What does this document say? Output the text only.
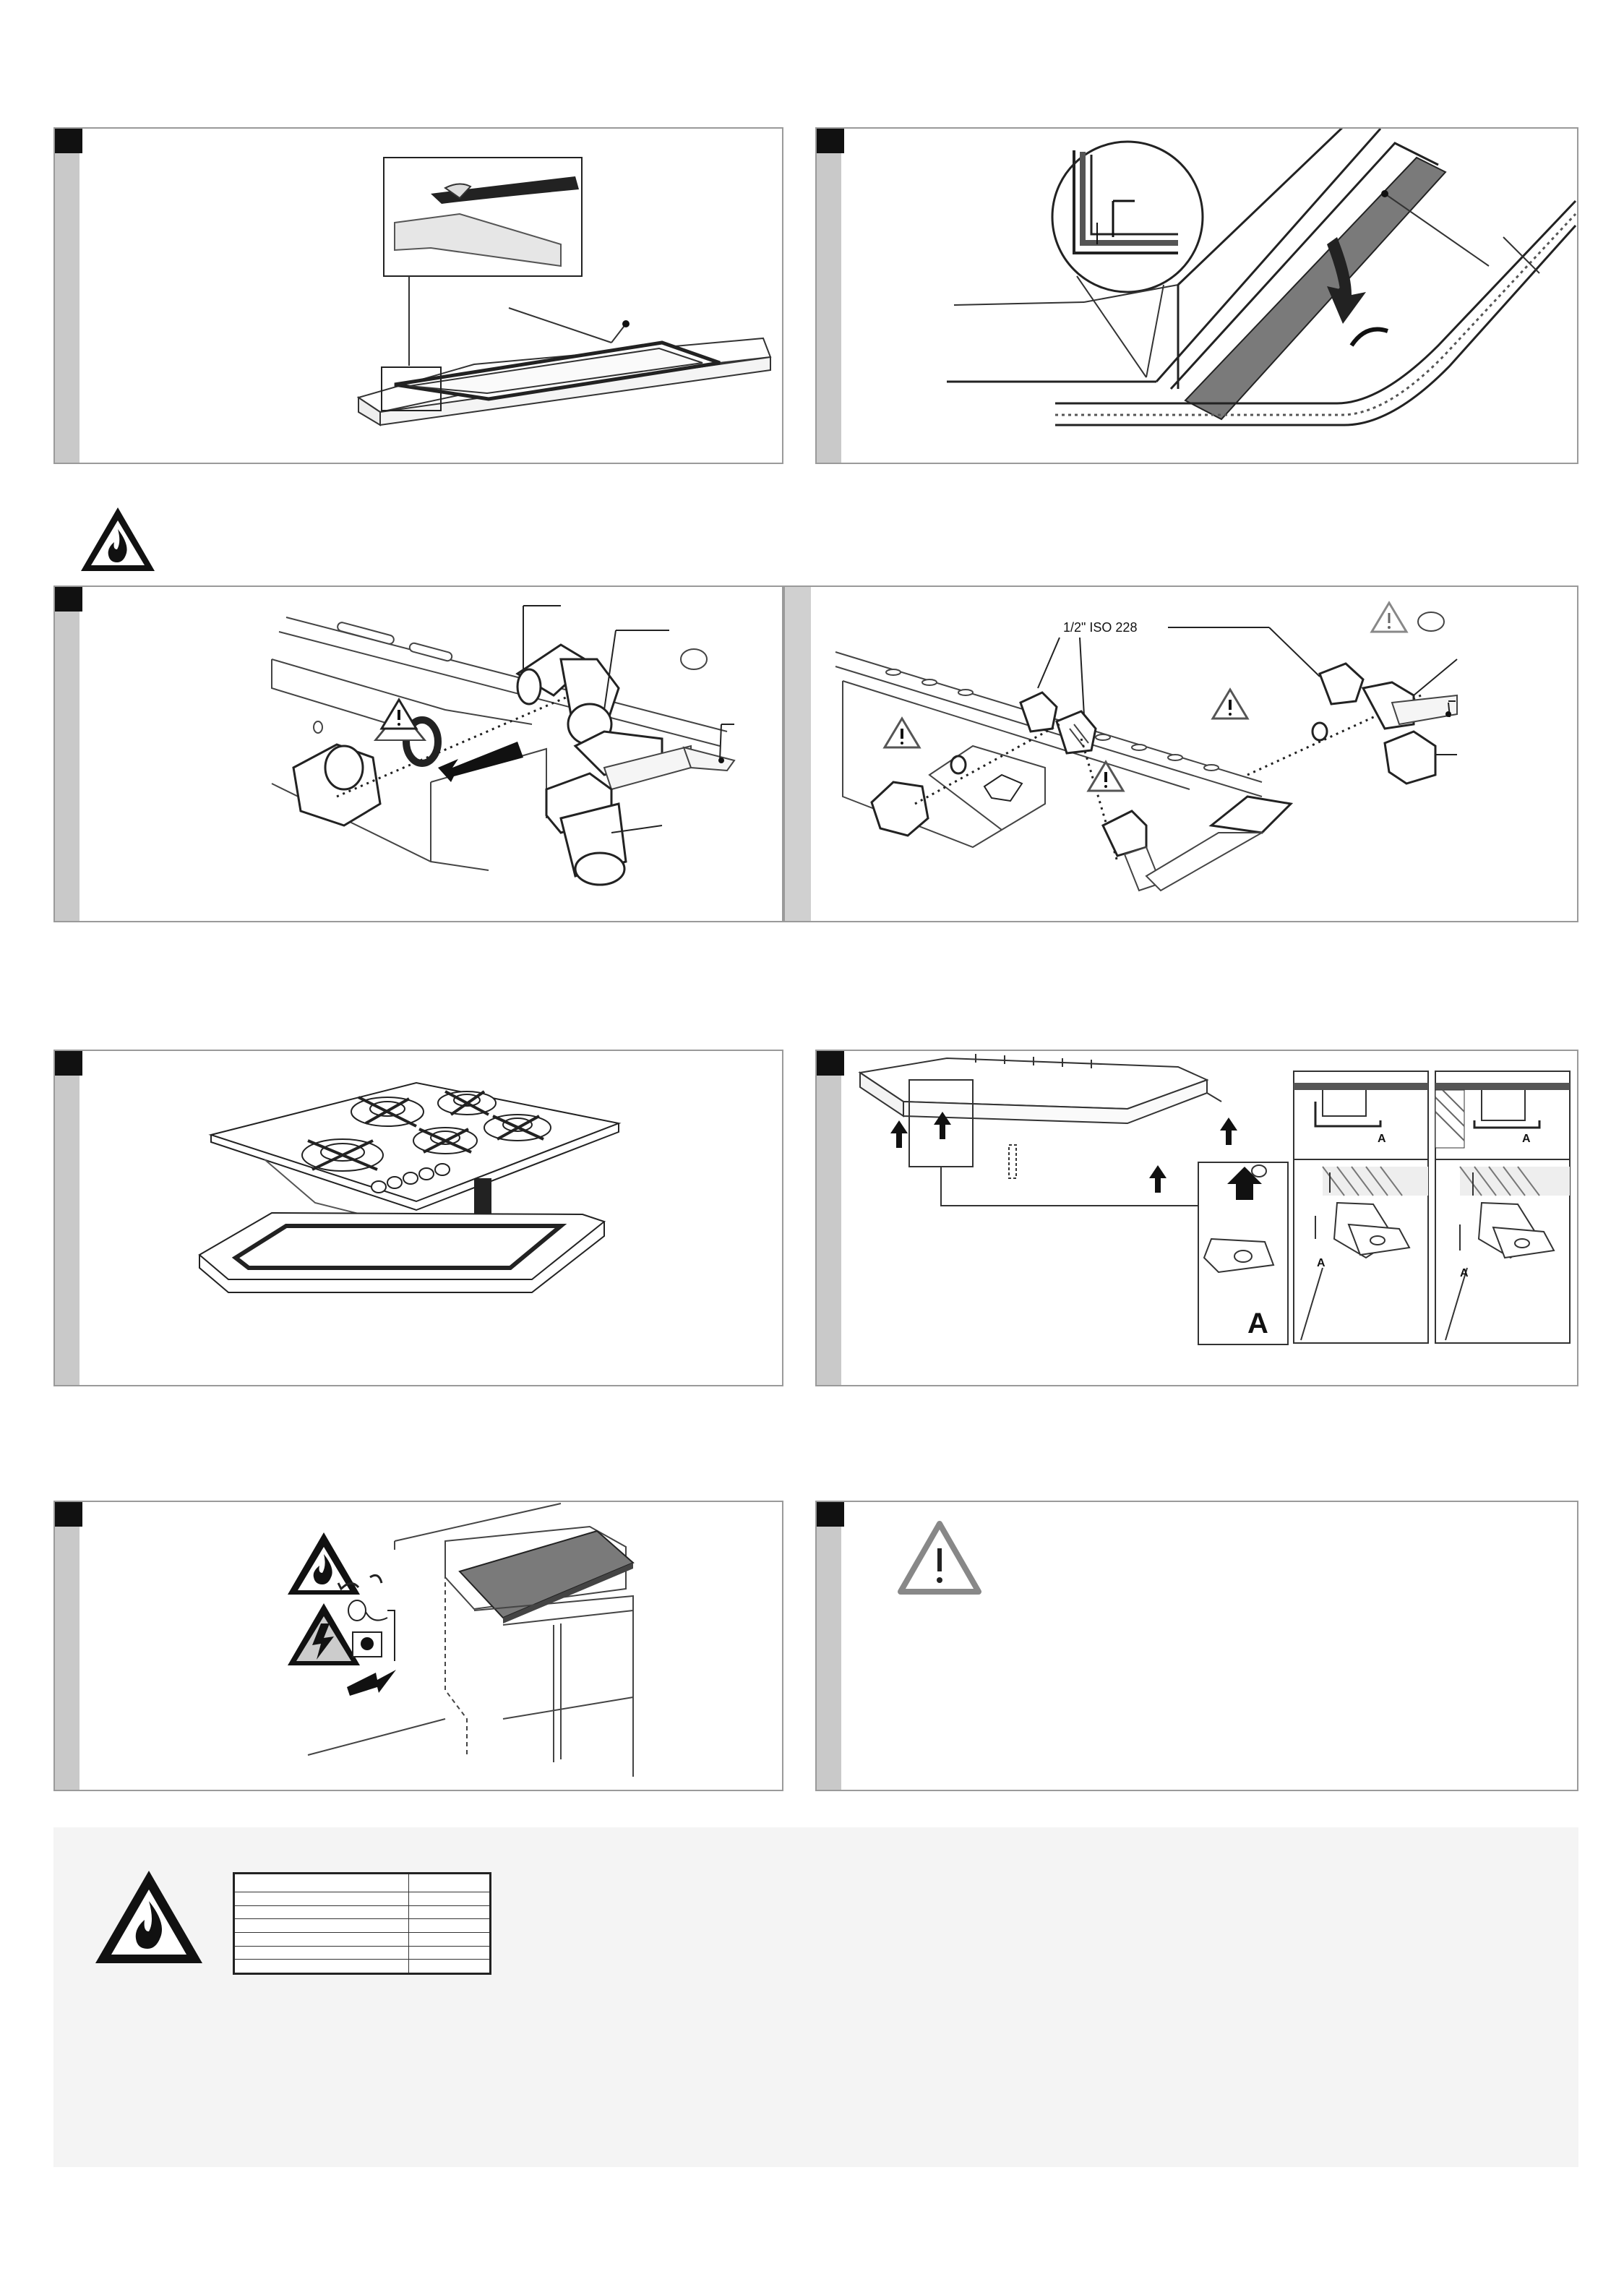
1/2" ISO 228
A
A	A
A
A
